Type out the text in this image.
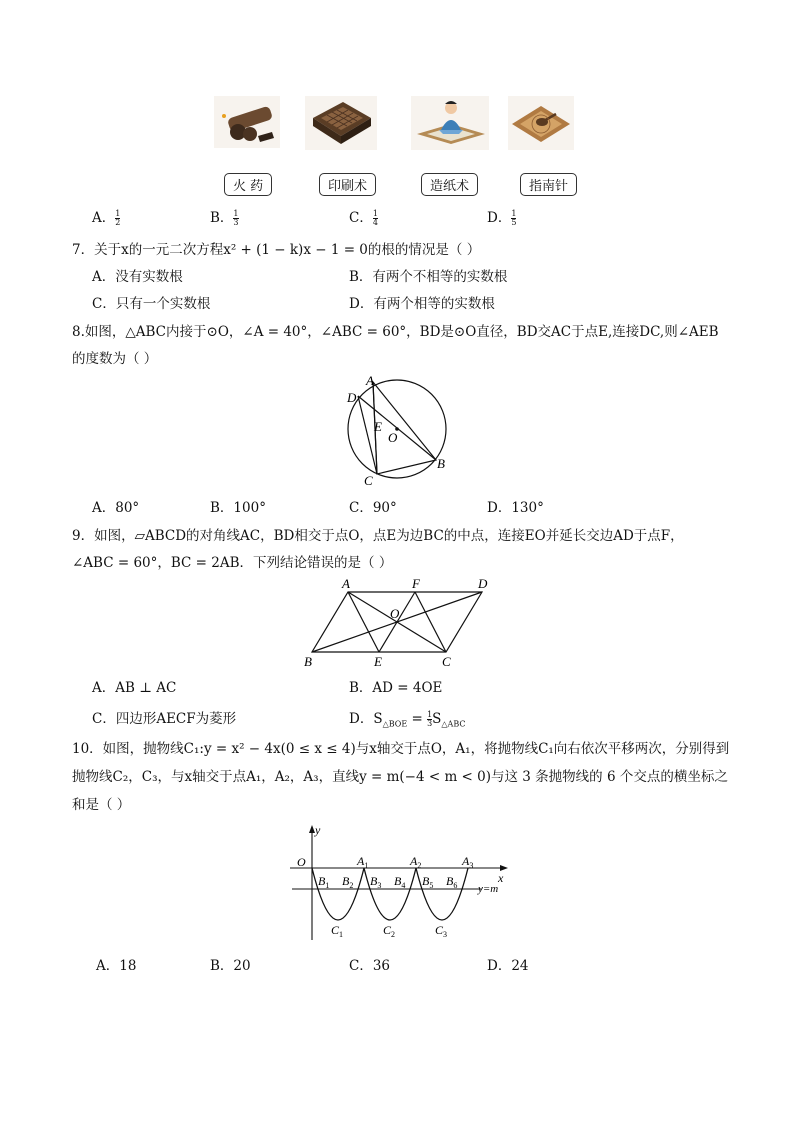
火 药	印刷术	造纸术	指南针
A． $\frac{1}{2}$	B． $\frac{1}{3}$	C． $\frac{1}{4}$	D． $\frac{1}{5}$
7．关于x的一元二次方程x² + (1 − k)x − 1 = 0的根的情况是（ ）
A．没有实数根	B．有两个不相等的实数根
C．只有一个实数根	D．有两个相等的实数根
8.如图，△ABC内接于⊙O，∠A = 40°，∠ABC = 60°，BD是⊙O直径，BD交AC于点E,连接DC,则∠AEB
的度数为（ ）
A
D
E
O
B
C
A．80°	B．100°	C．90°	D．130°
9．如图，▱ABCD的对角线AC，BD相交于点O，点E为边BC的中点，连接EO并延长交边AD于点F，
∠ABC = 60°，BC = 2AB．下列结论错误的是（ ）
A	F	D
O
B	E	C
A．AB ⊥ AC	B．AD = 4OE
C．四边形AECF为菱形	D．$S_{\triangle BOE} = \frac{1}{3} S_{\triangle ABC}$
10．如图，抛物线C₁:y = x² − 4x(0 ≤ x ≤ 4)与x轴交于点O，A₁，将抛物线C₁向右依次平移两次，分别得到
抛物线C₂，C₃，与x轴交于点A₁，A₂，A₃，直线y = m(−4 < m < 0)与这 3 条抛物线的 6 个交点的横坐标之
和是（ ）
y
x
O
y=m
$A_1$	$A_2$	$A_3$
$B_1$ $B_2$ $B_3$ $B_4$ $B_5$ $B_6$
$C_1$	$C_2$	$C_3$
A．18	B．20	C．36	D．24
